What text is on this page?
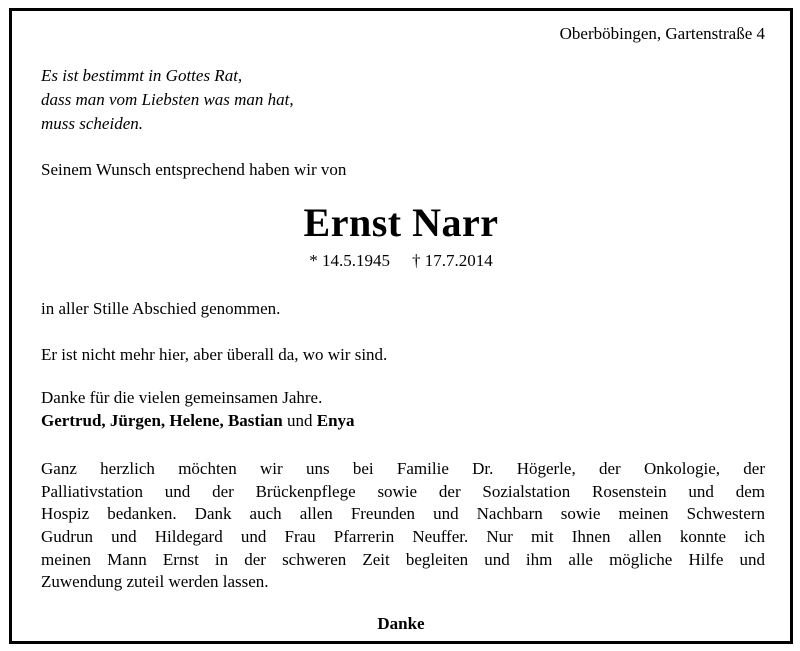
Oberböbingen, Gartenstraße 4
Es ist bestimmt in Gottes Rat,
dass man vom Liebsten was man hat,
muss scheiden.
Seinem Wunsch entsprechend haben wir von
Ernst Narr
* 14.5.1945 † 17.7.2014
in aller Stille Abschied genommen.
Er ist nicht mehr hier, aber überall da, wo wir sind.
Danke für die vielen gemeinsamen Jahre.
Gertrud, Jürgen, Helene, Bastian und Enya
Ganz herzlich möchten wir uns bei Familie Dr. Högerle, der Onkologie, der
Palliativstation und der Brückenpflege sowie der Sozialstation Rosenstein und dem
Hospiz bedanken. Dank auch allen Freunden und Nachbarn sowie meinen Schwestern
Gudrun und Hildegard und Frau Pfarrerin Neuffer. Nur mit Ihnen allen konnte ich
meinen Mann Ernst in der schweren Zeit begleiten und ihm alle mögliche Hilfe und
Zuwendung zuteil werden lassen.
Danke
